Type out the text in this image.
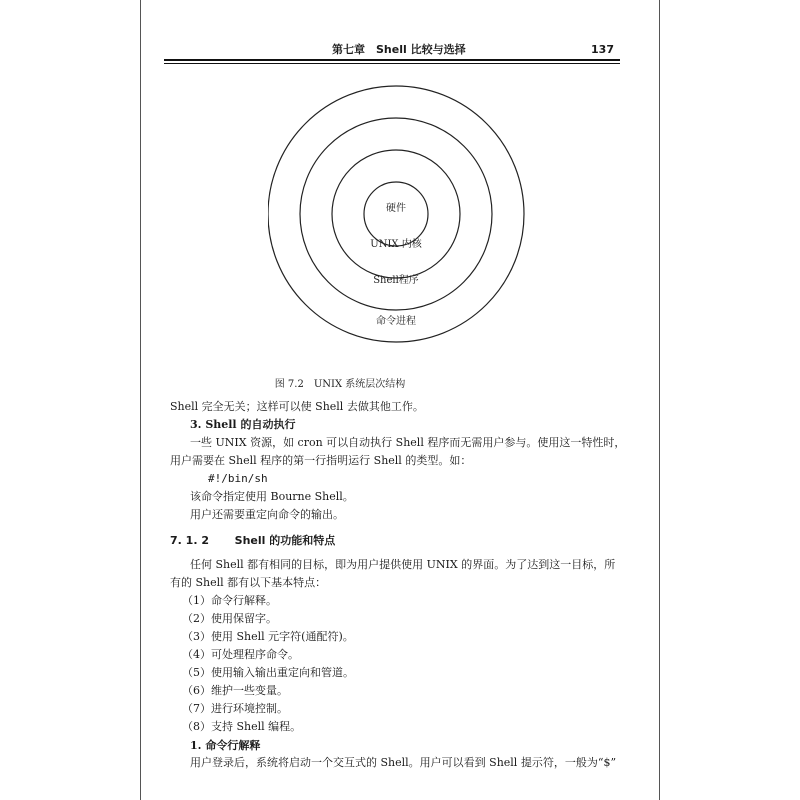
第七章　Shell 比较与选择	137
硬件
UNIX 内核
Shell程序
命令进程
图 7.2　UNIX 系统层次结构
Shell 完全无关；这样可以使 Shell 去做其他工作。
3. Shell 的自动执行
一些 UNIX 资源，如 cron 可以自动执行 Shell 程序而无需用户参与。使用这一特性时，
用户需要在 Shell 程序的第一行指明运行 Shell 的类型。如：
#!/bin/sh
该命令指定使用 Bourne Shell。
用户还需要重定向命令的输出。
7. 1. 2 Shell 的功能和特点
任何 Shell 都有相同的目标，即为用户提供使用 UNIX 的界面。为了达到这一目标，所
有的 Shell 都有以下基本特点：
（1）命令行解释。
（2）使用保留字。
（3）使用 Shell 元字符(通配符)。
（4）可处理程序命令。
（5）使用输入输出重定向和管道。
（6）维护一些变量。
（7）进行环境控制。
（8）支持 Shell 编程。
1. 命令行解释
用户登录后，系统将启动一个交互式的 Shell。用户可以看到 Shell 提示符，一般为“$”
